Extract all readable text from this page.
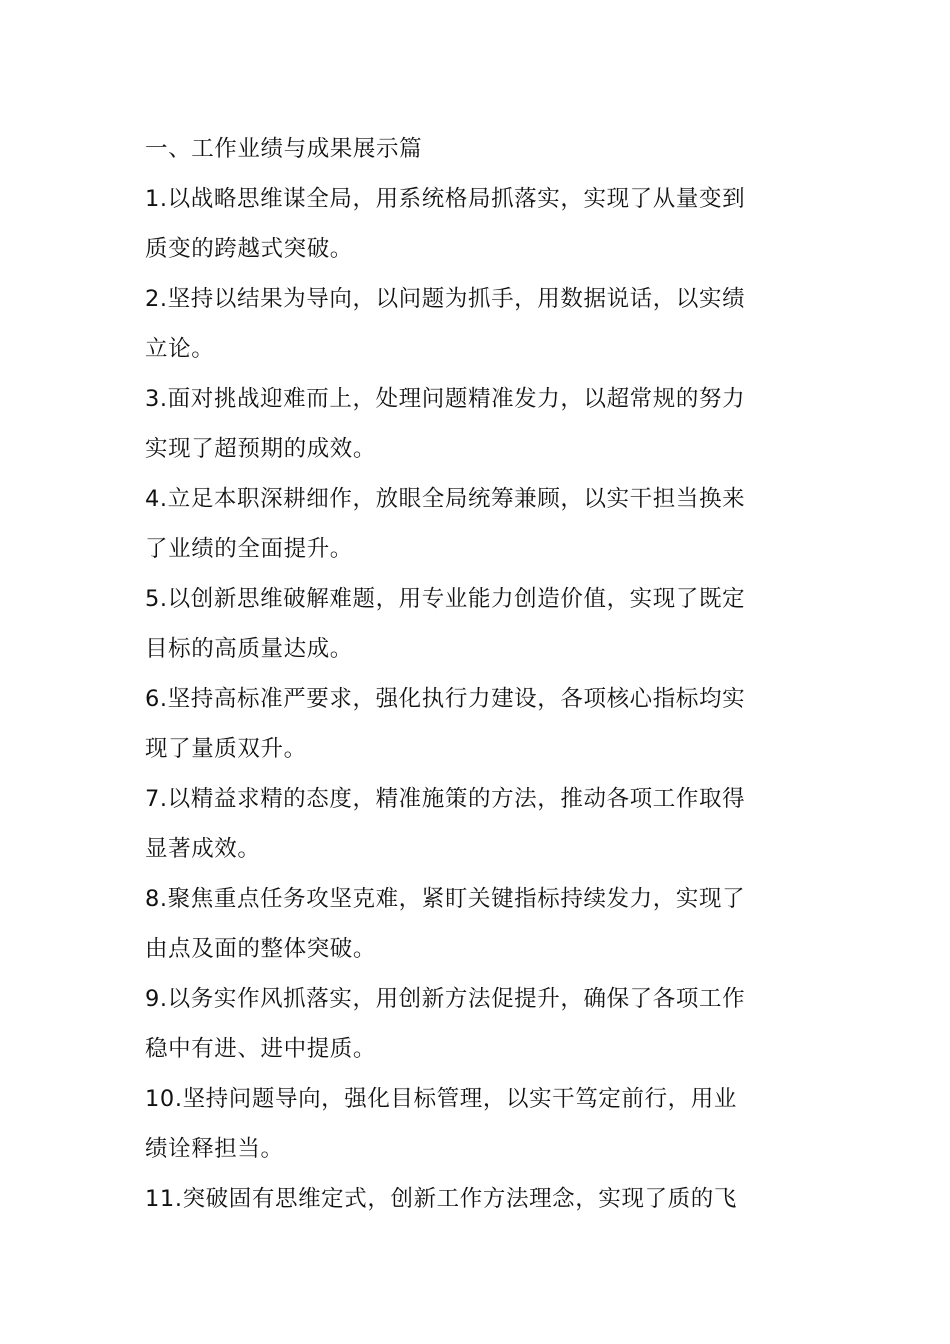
一、工作业绩与成果展示篇
1.以战略思维谋全局，用系统格局抓落实，实现了从量变到
质变的跨越式突破。
2.坚持以结果为导向，以问题为抓手，用数据说话，以实绩
立论。
3.面对挑战迎难而上，处理问题精准发力，以超常规的努力
实现了超预期的成效。
4.立足本职深耕细作，放眼全局统筹兼顾，以实干担当换来
了业绩的全面提升。
5.以创新思维破解难题，用专业能力创造价值，实现了既定
目标的高质量达成。
6.坚持高标准严要求，强化执行力建设，各项核心指标均实
现了量质双升。
7.以精益求精的态度，精准施策的方法，推动各项工作取得
显著成效。
8.聚焦重点任务攻坚克难，紧盯关键指标持续发力，实现了
由点及面的整体突破。
9.以务实作风抓落实，用创新方法促提升，确保了各项工作
稳中有进、进中提质。
10.坚持问题导向，强化目标管理，以实干笃定前行，用业
绩诠释担当。
11.突破固有思维定式，创新工作方法理念，实现了质的飞
